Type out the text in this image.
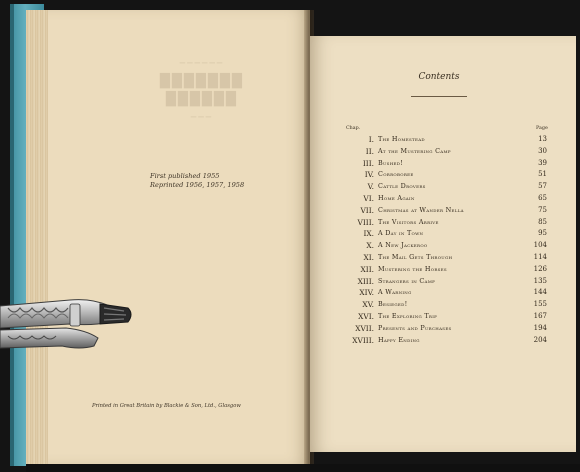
──────
███████
██████
───
First published 1955
Reprinted 1956, 1957, 1958
Printed in Great Britain by Blackie & Son, Ltd., Glasgow
Contents
Chap.	Page
I. The Homestead	13
II. At the Mustering Camp	30
III. Bushed!	39
IV. Corroboree	51
V. Cattle Drovers	57
VI. Home Again	65
VII. Christmas at Wander Nella	75
VIII. The Visitors Arrive	85
IX. A Day in Town	95
X. A New Jackeroo	104
XI. The Mail Gets Through	114
XII. Mustering the Horses	126
XIII. Strangers in Camp	135
XIV. A Warning	144
XV. Besieged!	155
XVI. The Exploring Trip	167
XVII. Presents and Purchases	194
XVIII. Happy Ending	204
